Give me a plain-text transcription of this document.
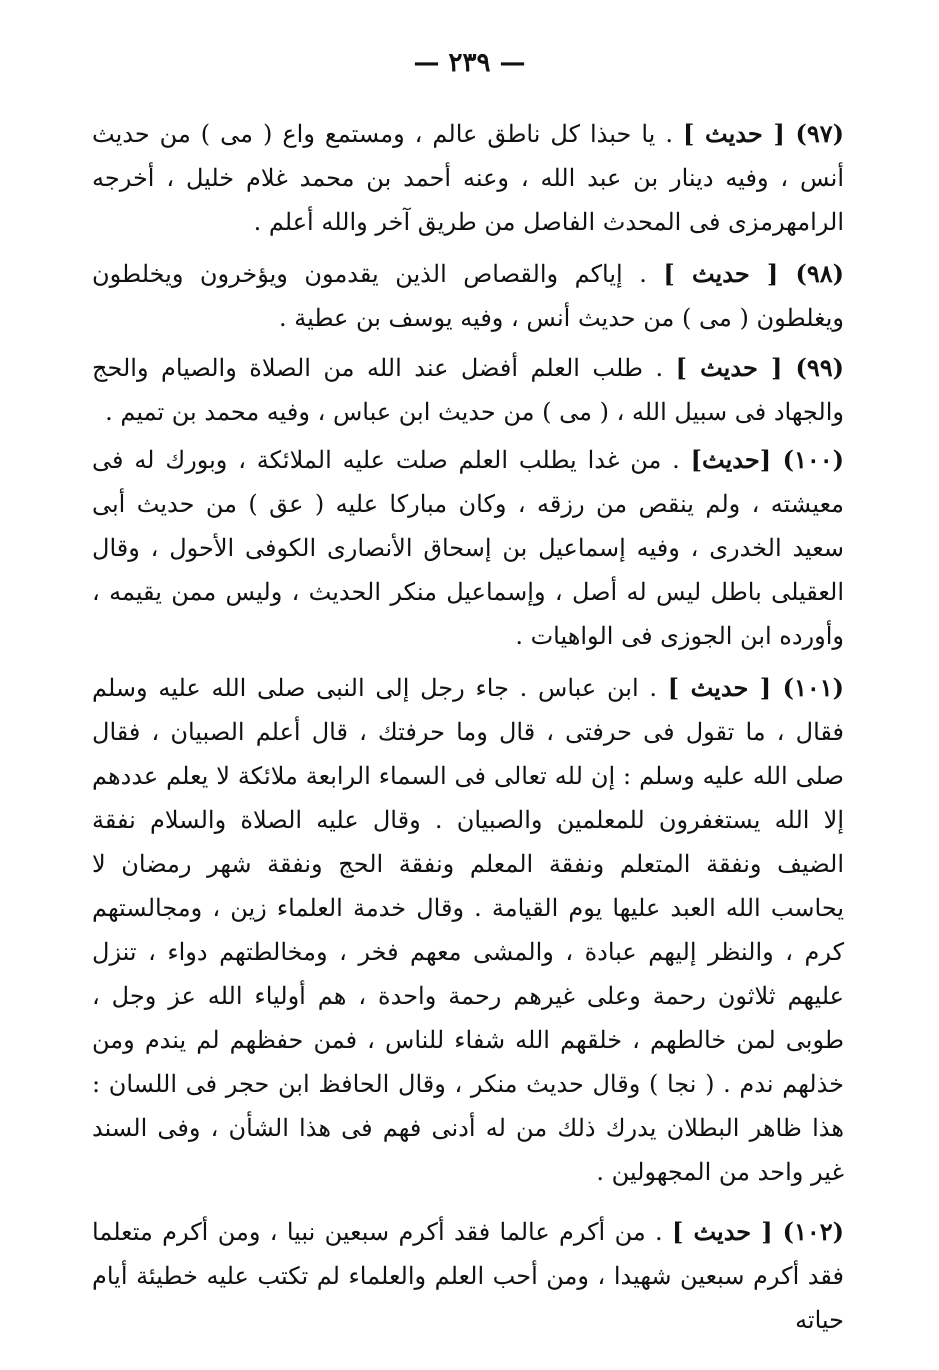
— ٢٣٩ —

(٩٧) [ حديث ] . يا حبذا كل ناطق عالم ، ومستمع واع ( مى ) من حديث أنس ، وفيه دينار بن عبد الله ، وعنه أحمد بن محمد غلام خليل ، أخرجه الرامهرمزى فى المحدث الفاصل من طريق آخر والله أعلم .

(٩٨) [ حديث ] . إياكم والقصاص الذين يقدمون ويؤخرون ويخلطون ويغلطون ( مى ) من حديث أنس ، وفيه يوسف بن عطية .

(٩٩) [ حديث ] . طلب العلم أفضل عند الله من الصلاة والصيام والحج والجهاد فى سبيل الله ، ( مى ) من حديث ابن عباس ، وفيه محمد بن تميم .

(١٠٠) [حديث] . من غدا يطلب العلم صلت عليه الملائكة ، وبورك له فى معيشته ، ولم ينقص من رزقه ، وكان مباركا عليه ( عق ) من حديث أبى سعيد الخدرى ، وفيه إسماعيل بن إسحاق الأنصارى الكوفى الأحول ، وقال العقيلى باطل ليس له أصل ، وإسماعيل منكر الحديث ، وليس ممن يقيمه ، وأورده ابن الجوزى فى الواهيات .

(١٠١) [ حديث ] . ابن عباس . جاء رجل إلى النبى صلى الله عليه وسلم فقال ، ما تقول فى حرفتى ، قال وما حرفتك ، قال أعلم الصبيان ، فقال صلى الله عليه وسلم : إن لله تعالى فى السماء الرابعة ملائكة لا يعلم عددهم إلا الله يستغفرون للمعلمين والصبيان . وقال عليه الصلاة والسلام نفقة الضيف ونفقة المتعلم ونفقة المعلم ونفقة الحج ونفقة شهر رمضان لا يحاسب الله العبد عليها يوم القيامة . وقال خدمة العلماء زين ، ومجالستهم كرم ، والنظر إليهم عبادة ، والمشى معهم فخر ، ومخالطتهم دواء ، تنزل عليهم ثلاثون رحمة وعلى غيرهم رحمة واحدة ، هم أولياء الله عز وجل ، طوبى لمن خالطهم ، خلقهم الله شفاء للناس ، فمن حفظهم لم يندم ومن خذلهم ندم . ( نجا ) وقال حديث منكر ، وقال الحافظ ابن حجر فى اللسان : هذا ظاهر البطلان يدرك ذلك من له أدنى فهم فى هذا الشأن ، وفى السند غير واحد من المجهولين .

(١٠٢) [ حديث ] . من أكرم عالما فقد أكرم سبعين نبيا ، ومن أكرم متعلما فقد أكرم سبعين شهيدا ، ومن أحب العلم والعلماء لم تكتب عليه خطيئة أيام حياته
